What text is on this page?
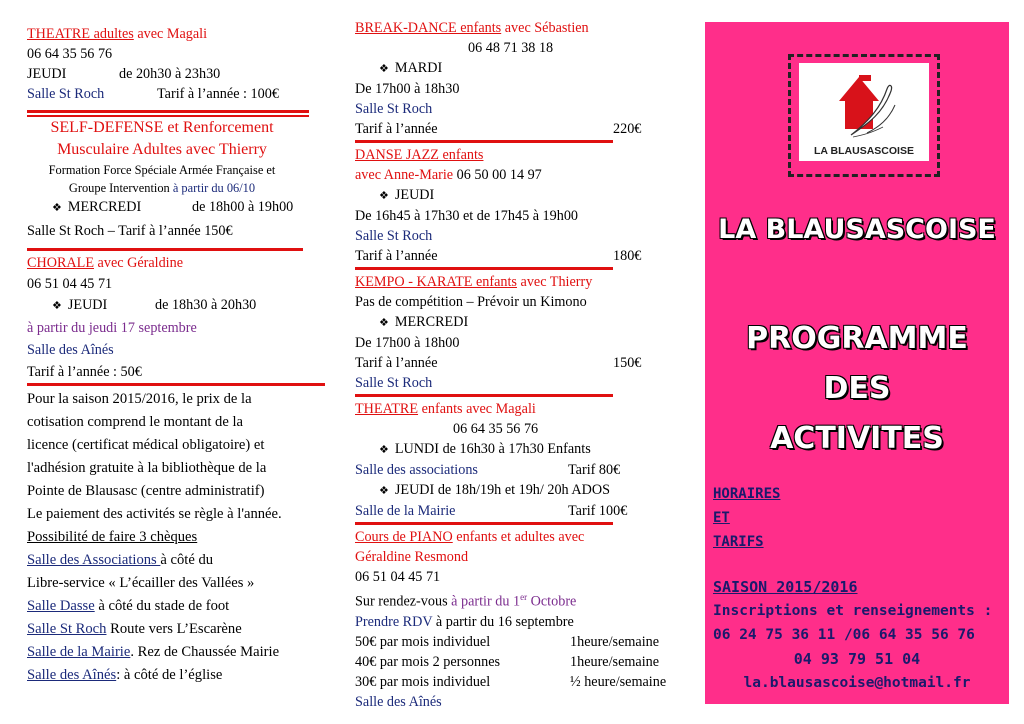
THEATRE adultes avec Magali
06 64 35 56 76
JEUDI	de 20h30 à 23h30
Salle St Roch	Tarif à l’année : 100€
SELF-DEFENSE et Renforcement
Musculaire Adultes avec Thierry
Formation Force Spéciale Armée Française et
Groupe Intervention à partir du 06/10
❖ MERCREDI	de 18h00 à 19h00
Salle St Roch – Tarif à l’année 150€
CHORALE avec Géraldine
06 51 04 45 71
❖ JEUDI	de 18h30 à 20h30
à partir du jeudi 17 septembre
Salle des Aînés
Tarif à l’année : 50€
Pour la saison 2015/2016, le prix de la
cotisation comprend le montant de la
licence (certificat médical obligatoire) et
l'adhésion gratuite à la bibliothèque de la
Pointe de Blausasc (centre administratif)
Le paiement des activités se règle à l'année.
Possibilité de faire 3 chèques
Salle des Associations à côté du
Libre-service « L’écailler des Vallées »
Salle Dasse à côté du stade de foot
Salle St Roch Route vers L’Escarène
Salle de la Mairie. Rez de Chaussée Mairie
Salle des Aînés: à côté de l’église
BREAK-DANCE enfants avec Sébastien
06 48 71 38 18
❖ MARDI
De 17h00 à 18h30
Salle St Roch
Tarif à l’année	220€
DANSE JAZZ enfants
avec Anne-Marie 06 50 00 14 97
❖ JEUDI
De 16h45 à 17h30 et de 17h45 à 19h00
Salle St Roch
Tarif à l’année	180€
KEMPO - KARATE enfants avec Thierry
Pas de compétition – Prévoir un Kimono
❖ MERCREDI
De 17h00 à 18h00
Tarif à l’année	150€
Salle St Roch
THEATRE enfants avec Magali
06 64 35 56 76
❖ LUNDI de 16h30 à 17h30 Enfants
Salle des associations	Tarif 80€
❖ JEUDI de 18h/19h et 19h/ 20h ADOS
Salle de la Mairie	Tarif 100€
Cours de PIANO enfants et adultes avec
Géraldine Resmond
06 51 04 45 71
Sur rendez-vous à partir du 1er Octobre
Prendre RDV à partir du 16 septembre
50€ par mois individuel	1heure/semaine
40€ par mois 2 personnes	1heure/semaine
30€ par mois individuel	½ heure/semaine
Salle des Aînés
LA BLAUSASCOISE
LA BLAUSASCOISE
PROGRAMME
DES
ACTIVITES
HORAIRES
ET
TARIFS
SAISON 2015/2016
Inscriptions et renseignements :
06 24 75 36 11 /06 64 35 56 76
04 93 79 51 04
la.blausascoise@hotmail.fr
